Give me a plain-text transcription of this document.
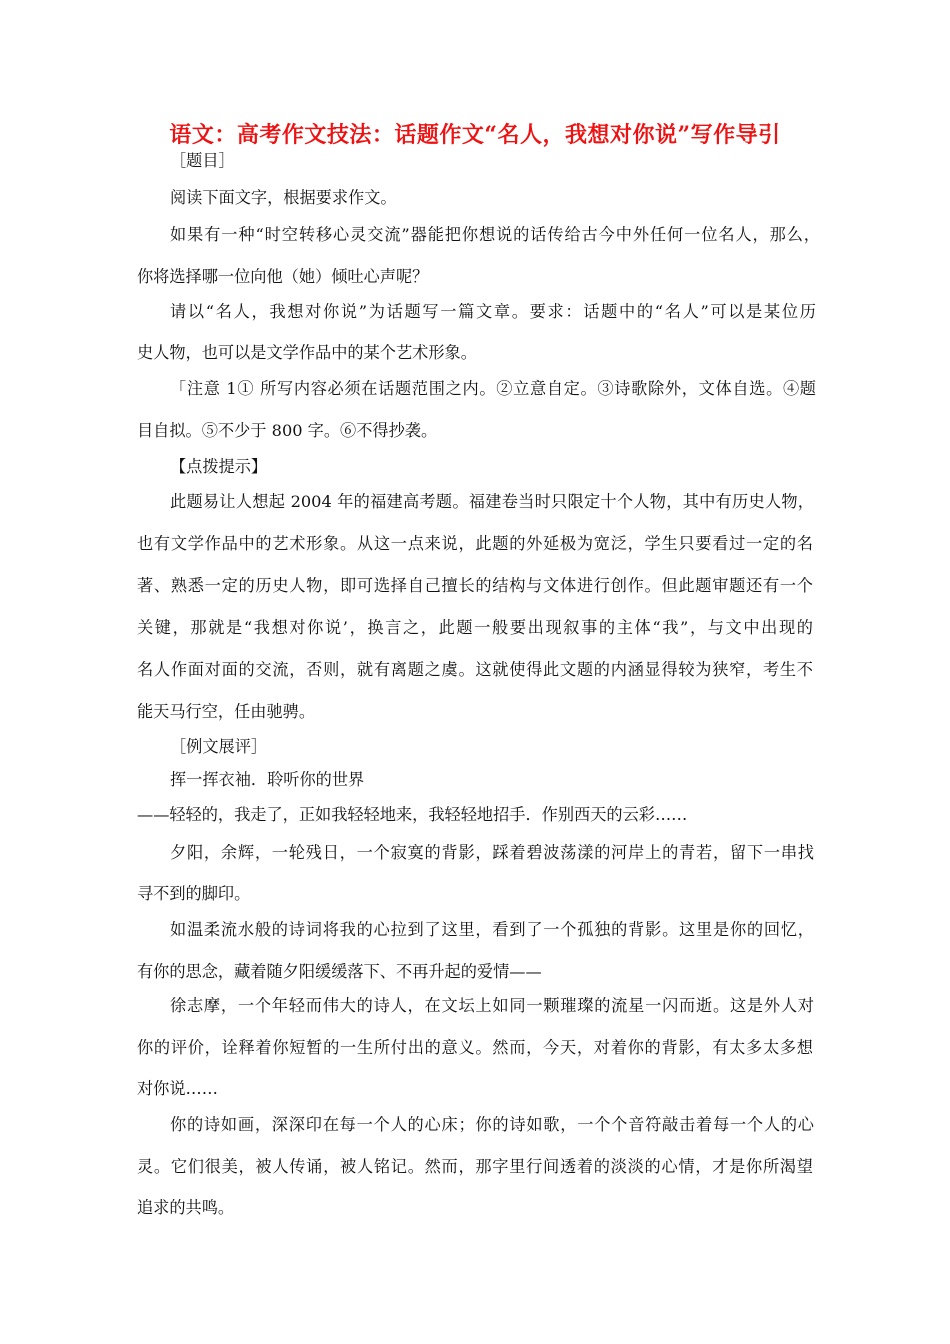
语文：高考作文技法：话题作文“名人，我想对你说”写作导引
［题目］
阅读下面文字，根据要求作文。
如果有一种“时空转移心灵交流”器能把你想说的话传给古今中外任何一位名人，那么，
你将选择哪一位向他（她）倾吐心声呢？
请以“名人，我想对你说”为话题写一篇文章。要求：话题中的“名人”可以是某位历
史人物，也可以是文学作品中的某个艺术形象。
「注意 1① 所写内容必须在话题范围之内。②立意自定。③诗歌除外，文体自选。④题
目自拟。⑤不少于 800 字。⑥不得抄袭。
【点拨提示】
此题易让人想起 2004 年的福建高考题。福建卷当时只限定十个人物，其中有历史人物，
也有文学作品中的艺术形象。从这一点来说，此题的外延极为宽泛，学生只要看过一定的名
著、熟悉一定的历史人物，即可选择自己擅长的结构与文体进行创作。但此题审题还有一个
关键，那就是“我想对你说’，换言之，此题一般要出现叙事的主体“我”，与文中出现的
名人作面对面的交流，否则，就有离题之虞。这就使得此文题的内涵显得较为狭窄，考生不
能天马行空，任由驰骋。
［例文展评］
挥一挥衣袖．聆听你的世界
——轻轻的，我走了，正如我轻轻地来，我轻轻地招手．作别西天的云彩……
夕阳，余辉，一轮残日，一个寂寞的背影，踩着碧波荡漾的河岸上的青若，留下一串找
寻不到的脚印。
如温柔流水般的诗词将我的心拉到了这里，看到了一个孤独的背影。这里是你的回忆，
有你的思念，藏着随夕阳缓缓落下、不再升起的爱情——
徐志摩，一个年轻而伟大的诗人，在文坛上如同一颗璀璨的流星一闪而逝。这是外人对
你的评价，诠释着你短暂的一生所付出的意义。然而，今天，对着你的背影，有太多太多想
对你说……
你的诗如画，深深印在每一个人的心床；你的诗如歌，一个个音符敲击着每一个人的心
灵。它们很美，被人传诵，被人铭记。然而，那字里行间透着的淡淡的心情，才是你所渴望
追求的共鸣。
